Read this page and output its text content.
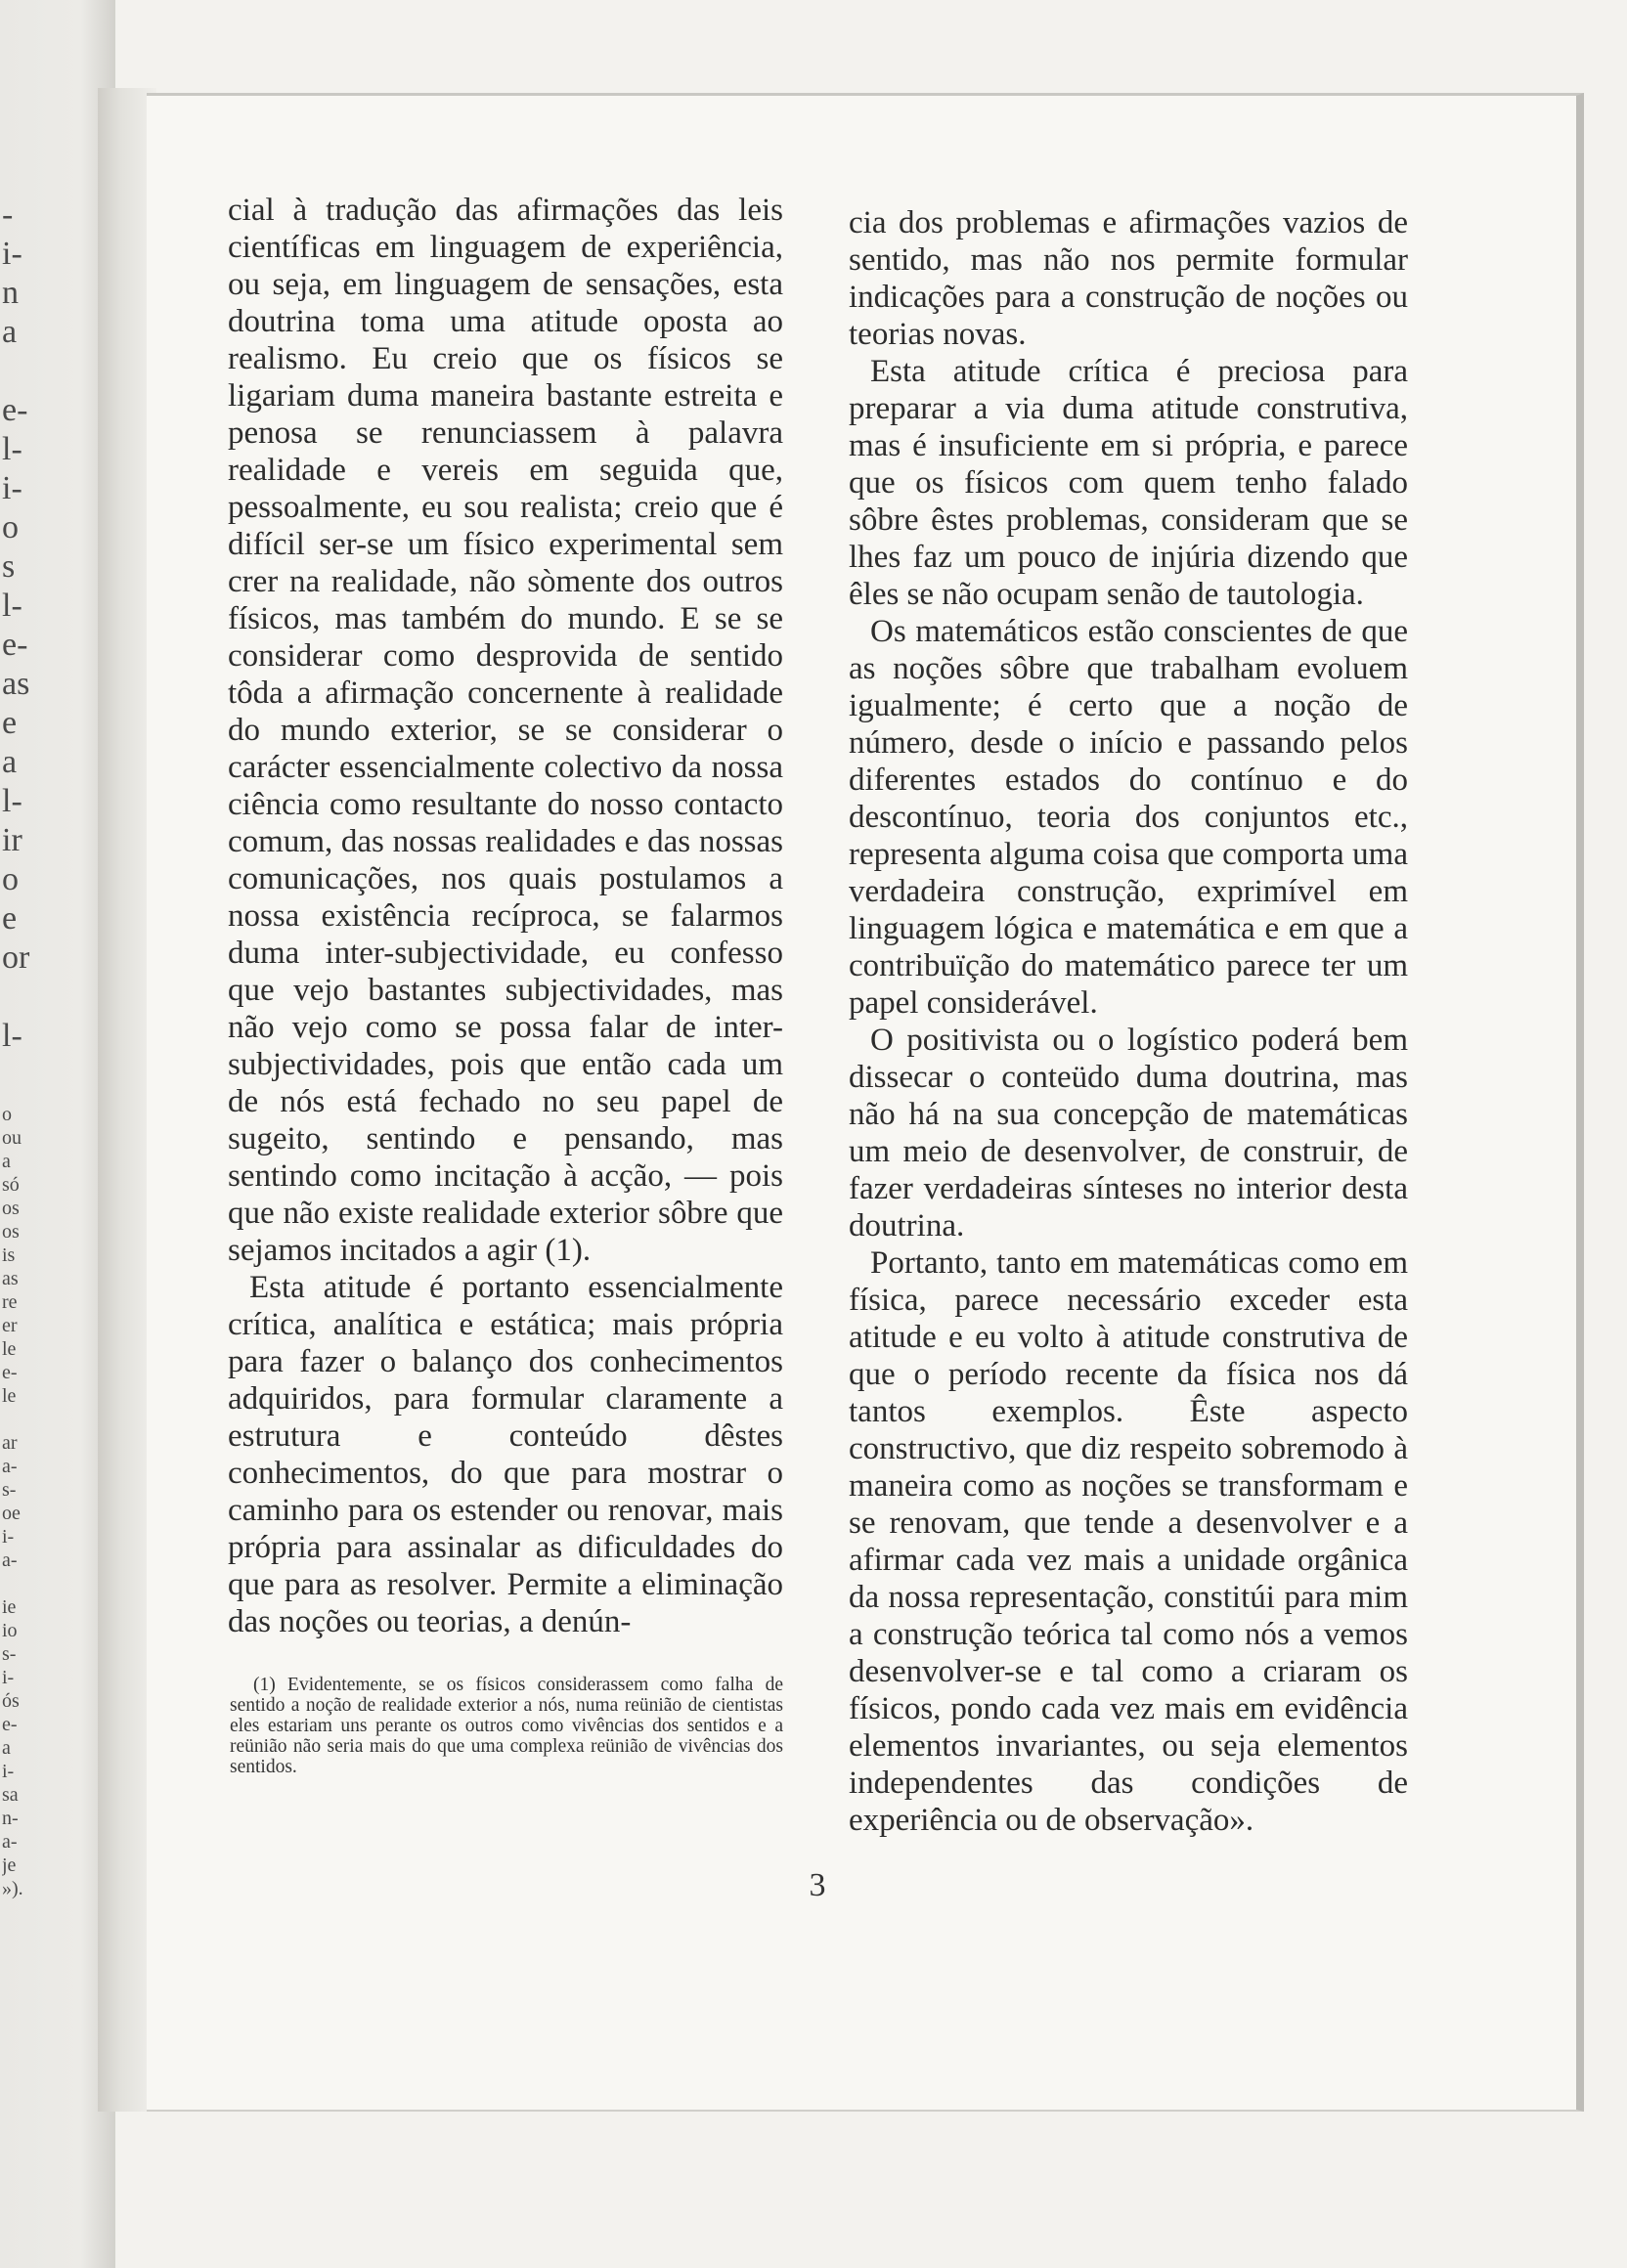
-
i-
n
a
e-
l-
i-
o
s
l-
e-
as
e
a
l-
ir
o
e
or
l-
o
ou
a
só
os
os
is
as
re
er
le
e-
le
ar
a-
s-
oe
i-
a-
ie
io
s-
i-
ós
e-
a
i-
sa
n-
a-
je
»).

cial à tradução das afirmações das leis científicas em linguagem de experiência, ou seja, em linguagem de sensações, esta doutrina toma uma atitude oposta ao realismo. Eu creio que os físicos se ligariam duma maneira bastante estreita e penosa se renunciassem à palavra realidade e vereis em seguida que, pessoalmente, eu sou realista; creio que é difícil ser-se um físico experimental sem crer na realidade, não sòmente dos outros físicos, mas também do mundo. E se se considerar como desprovida de sentido tôda a afirmação concernente à realidade do mundo exterior, se se considerar o carácter essencialmente colectivo da nossa ciência como resultante do nosso contacto comum, das nossas realidades e das nossas comunicações, nos quais postulamos a nossa existência recíproca, se falarmos duma inter-subjectividade, eu confesso que vejo bastantes subjectividades, mas não vejo como se possa falar de inter-subjectividades, pois que então cada um de nós está fechado no seu papel de sugeito, sentindo e pensando, mas sentindo como incitação à acção, — pois que não existe realidade exterior sôbre que sejamos incitados a agir (1).

Esta atitude é portanto essencialmente crítica, analítica e estática; mais própria para fazer o balanço dos conhecimentos adquiridos, para formular claramente a estrutura e conteúdo dêstes conhecimentos, do que para mostrar o caminho para os estender ou renovar, mais própria para assinalar as dificuldades do que para as resolver. Permite a eliminação das noções ou teorias, a denún-

(1) Evidentemente, se os físicos considerassem como falha de sentido a noção de realidade exterior a nós, numa reünião de cientistas eles estariam uns perante os outros como vivências dos sentidos e a reünião não seria mais do que uma complexa reünião de vivências dos sentidos.

cia dos problemas e afirmações vazios de sentido, mas não nos permite formular indicações para a construção de noções ou teorias novas.

Esta atitude crítica é preciosa para preparar a via duma atitude construtiva, mas é insuficiente em si própria, e parece que os físicos com quem tenho falado sôbre êstes problemas, consideram que se lhes faz um pouco de injúria dizendo que êles se não ocupam senão de tautologia.

Os matemáticos estão conscientes de que as noções sôbre que trabalham evoluem igualmente; é certo que a noção de número, desde o início e passando pelos diferentes estados do contínuo e do descontínuo, teoria dos conjuntos etc., representa alguma coisa que comporta uma verdadeira construção, exprimível em linguagem lógica e matemática e em que a contribuïção do matemático parece ter um papel considerável.

O positivista ou o logístico poderá bem dissecar o conteüdo duma doutrina, mas não há na sua concepção de matemáticas um meio de desenvolver, de construir, de fazer verdadeiras sínteses no interior desta doutrina.

Portanto, tanto em matemáticas como em física, parece necessário exceder esta atitude e eu volto à atitude construtiva de que o período recente da física nos dá tantos exemplos. Êste aspecto constructivo, que diz respeito sobremodo à maneira como as noções se transformam e se renovam, que tende a desenvolver e a afirmar cada vez mais a unidade orgânica da nossa representação, constitúi para mim a construção teórica tal como nós a vemos desenvolver-se e tal como a criaram os físicos, pondo cada vez mais em evidência elementos invariantes, ou seja elementos independentes das condições de experiência ou de observação».

3
